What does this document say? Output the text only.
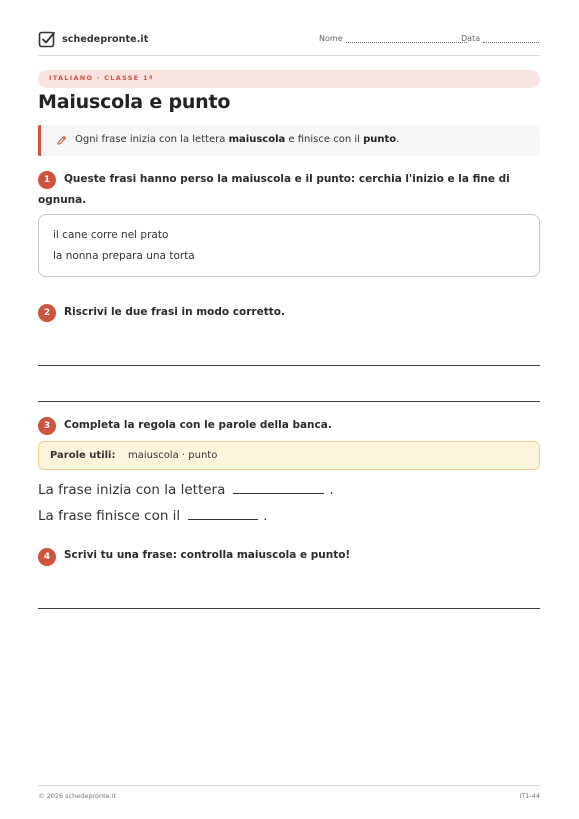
schedepronte.it	Nome	Data
ITALIANO · CLASSE 1ª
Maiuscola e punto
Ogni frase inizia con la lettera maiuscola e finisce con il punto.
1	Queste frasi hanno perso la maiuscola e il punto: cerchia l'inizio e la fine di
ognuna.
il cane corre nel prato
la nonna prepara una torta
2	Riscrivi le due frasi in modo corretto.
3	Completa la regola con le parole della banca.
Parole utili: maiuscola · punto
La frase inizia con la lettera	.
La frase finisce con il	.
4	Scrivi tu una frase: controlla maiuscola e punto!
© 2026 schedepronte.it	IT1-44
